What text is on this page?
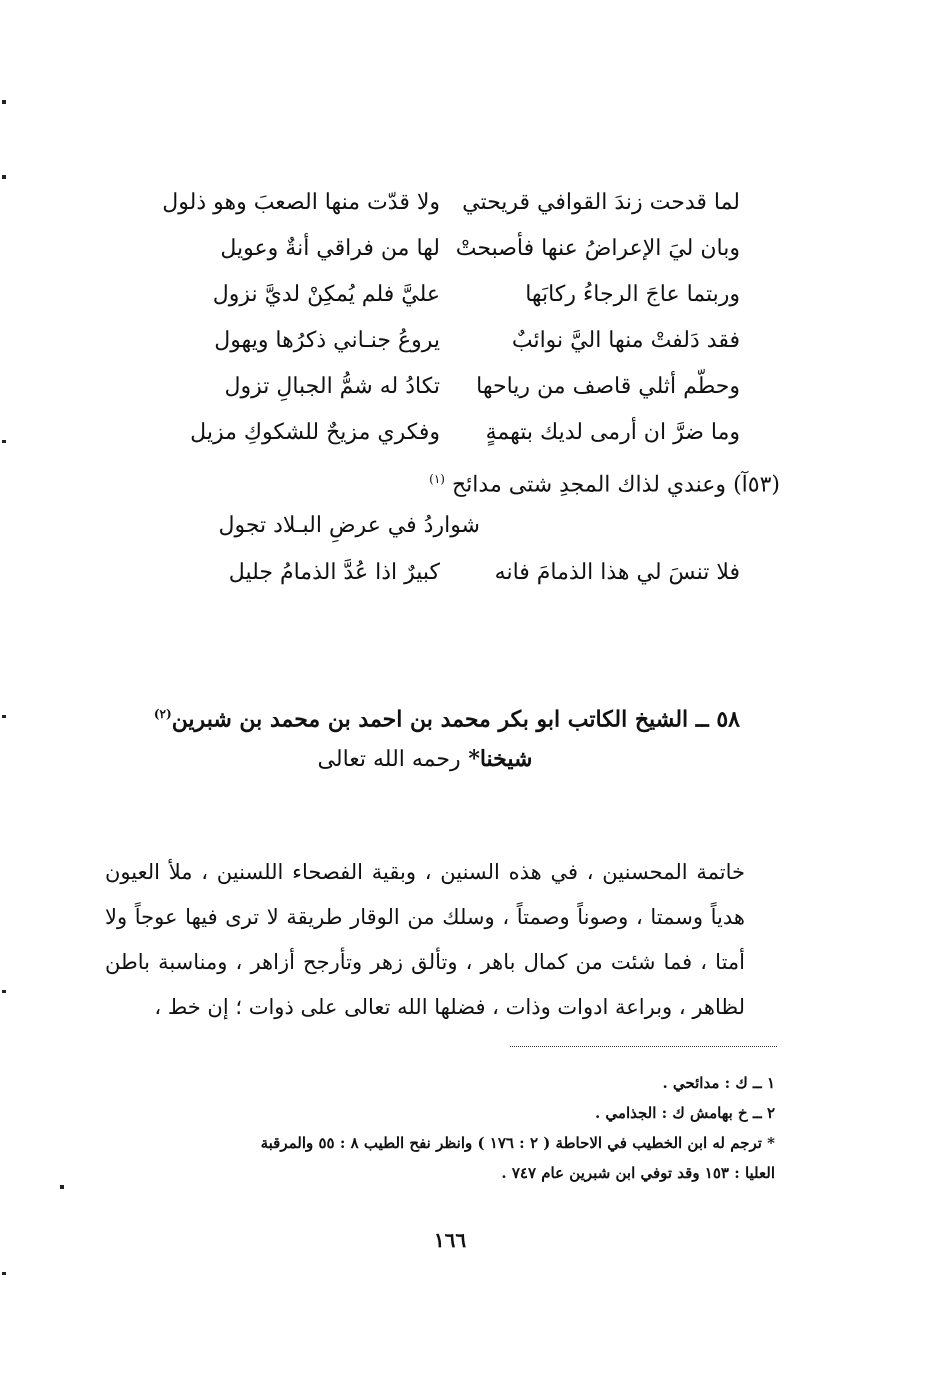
لما قدحت زندَ القوافي قريحتي
ولا قدّت منها الصعبَ وهو ذلول
وبان ليَ الإعراضُ عنها فأصبحتْ
لها من فراقي أنةٌ وعويل
وربتما عاجَ الرجاءُ ركابَها
عليَّ فلم يُمكِنْ لديَّ نزول
فقد دَلفتْ منها اليَّ نوائبٌ
يروعُ جنـاني ذكرُها ويهول
وحطّم أثلي قاصف من رياحها
تكادُ له شمُّ الجبالِ تزول
وما ضرَّ ان أرمى لديك بتهمةٍ
وفكري مزيحٌ للشكوكِ مزيل
(٥٣آ) وعندي لذاك المجدِ شتى مدائح $^{(١)}$
شواردُ في عرضِ البـلاد تجول
فلا تنسَ لي هذا الذمامَ فانه
كبيرٌ اذا عُدَّ الذمامُ جليل
٥٨ ــ الشيخ الكاتب ابو بكر محمد بن احمد بن محمد بن شبرين$^{(٢)}$
شيخنا* رحمه الله تعالى
خاتمة المحسنين ، في هذه السنين ، وبقية الفصحاء اللسنين ، ملأ العيون هدياً وسمتا ، وصوناً وصمتاً ، وسلك من الوقار طريقة لا ترى فيها عوجاً ولا أمتا ، فما شئت من كمال باهر ، وتألق زهر وتأرجح أزاهر ، ومناسبة باطن لظاهر ، وبراعة ادوات وذات ، فضلها الله تعالى على ذوات ؛ إن خط ،
١ ــ ك : مدائحي .
٢ ــ خ بهامش ك : الجذامي .
* ترجم له ابن الخطيب في الاحاطة ( ٢ : ١٧٦ ) وانظر نفح الطيب ٨ : ٥٥ والمرقبة
العليا : ١٥٣ وقد توفي ابن شبرين عام ٧٤٧ .
١٦٦
